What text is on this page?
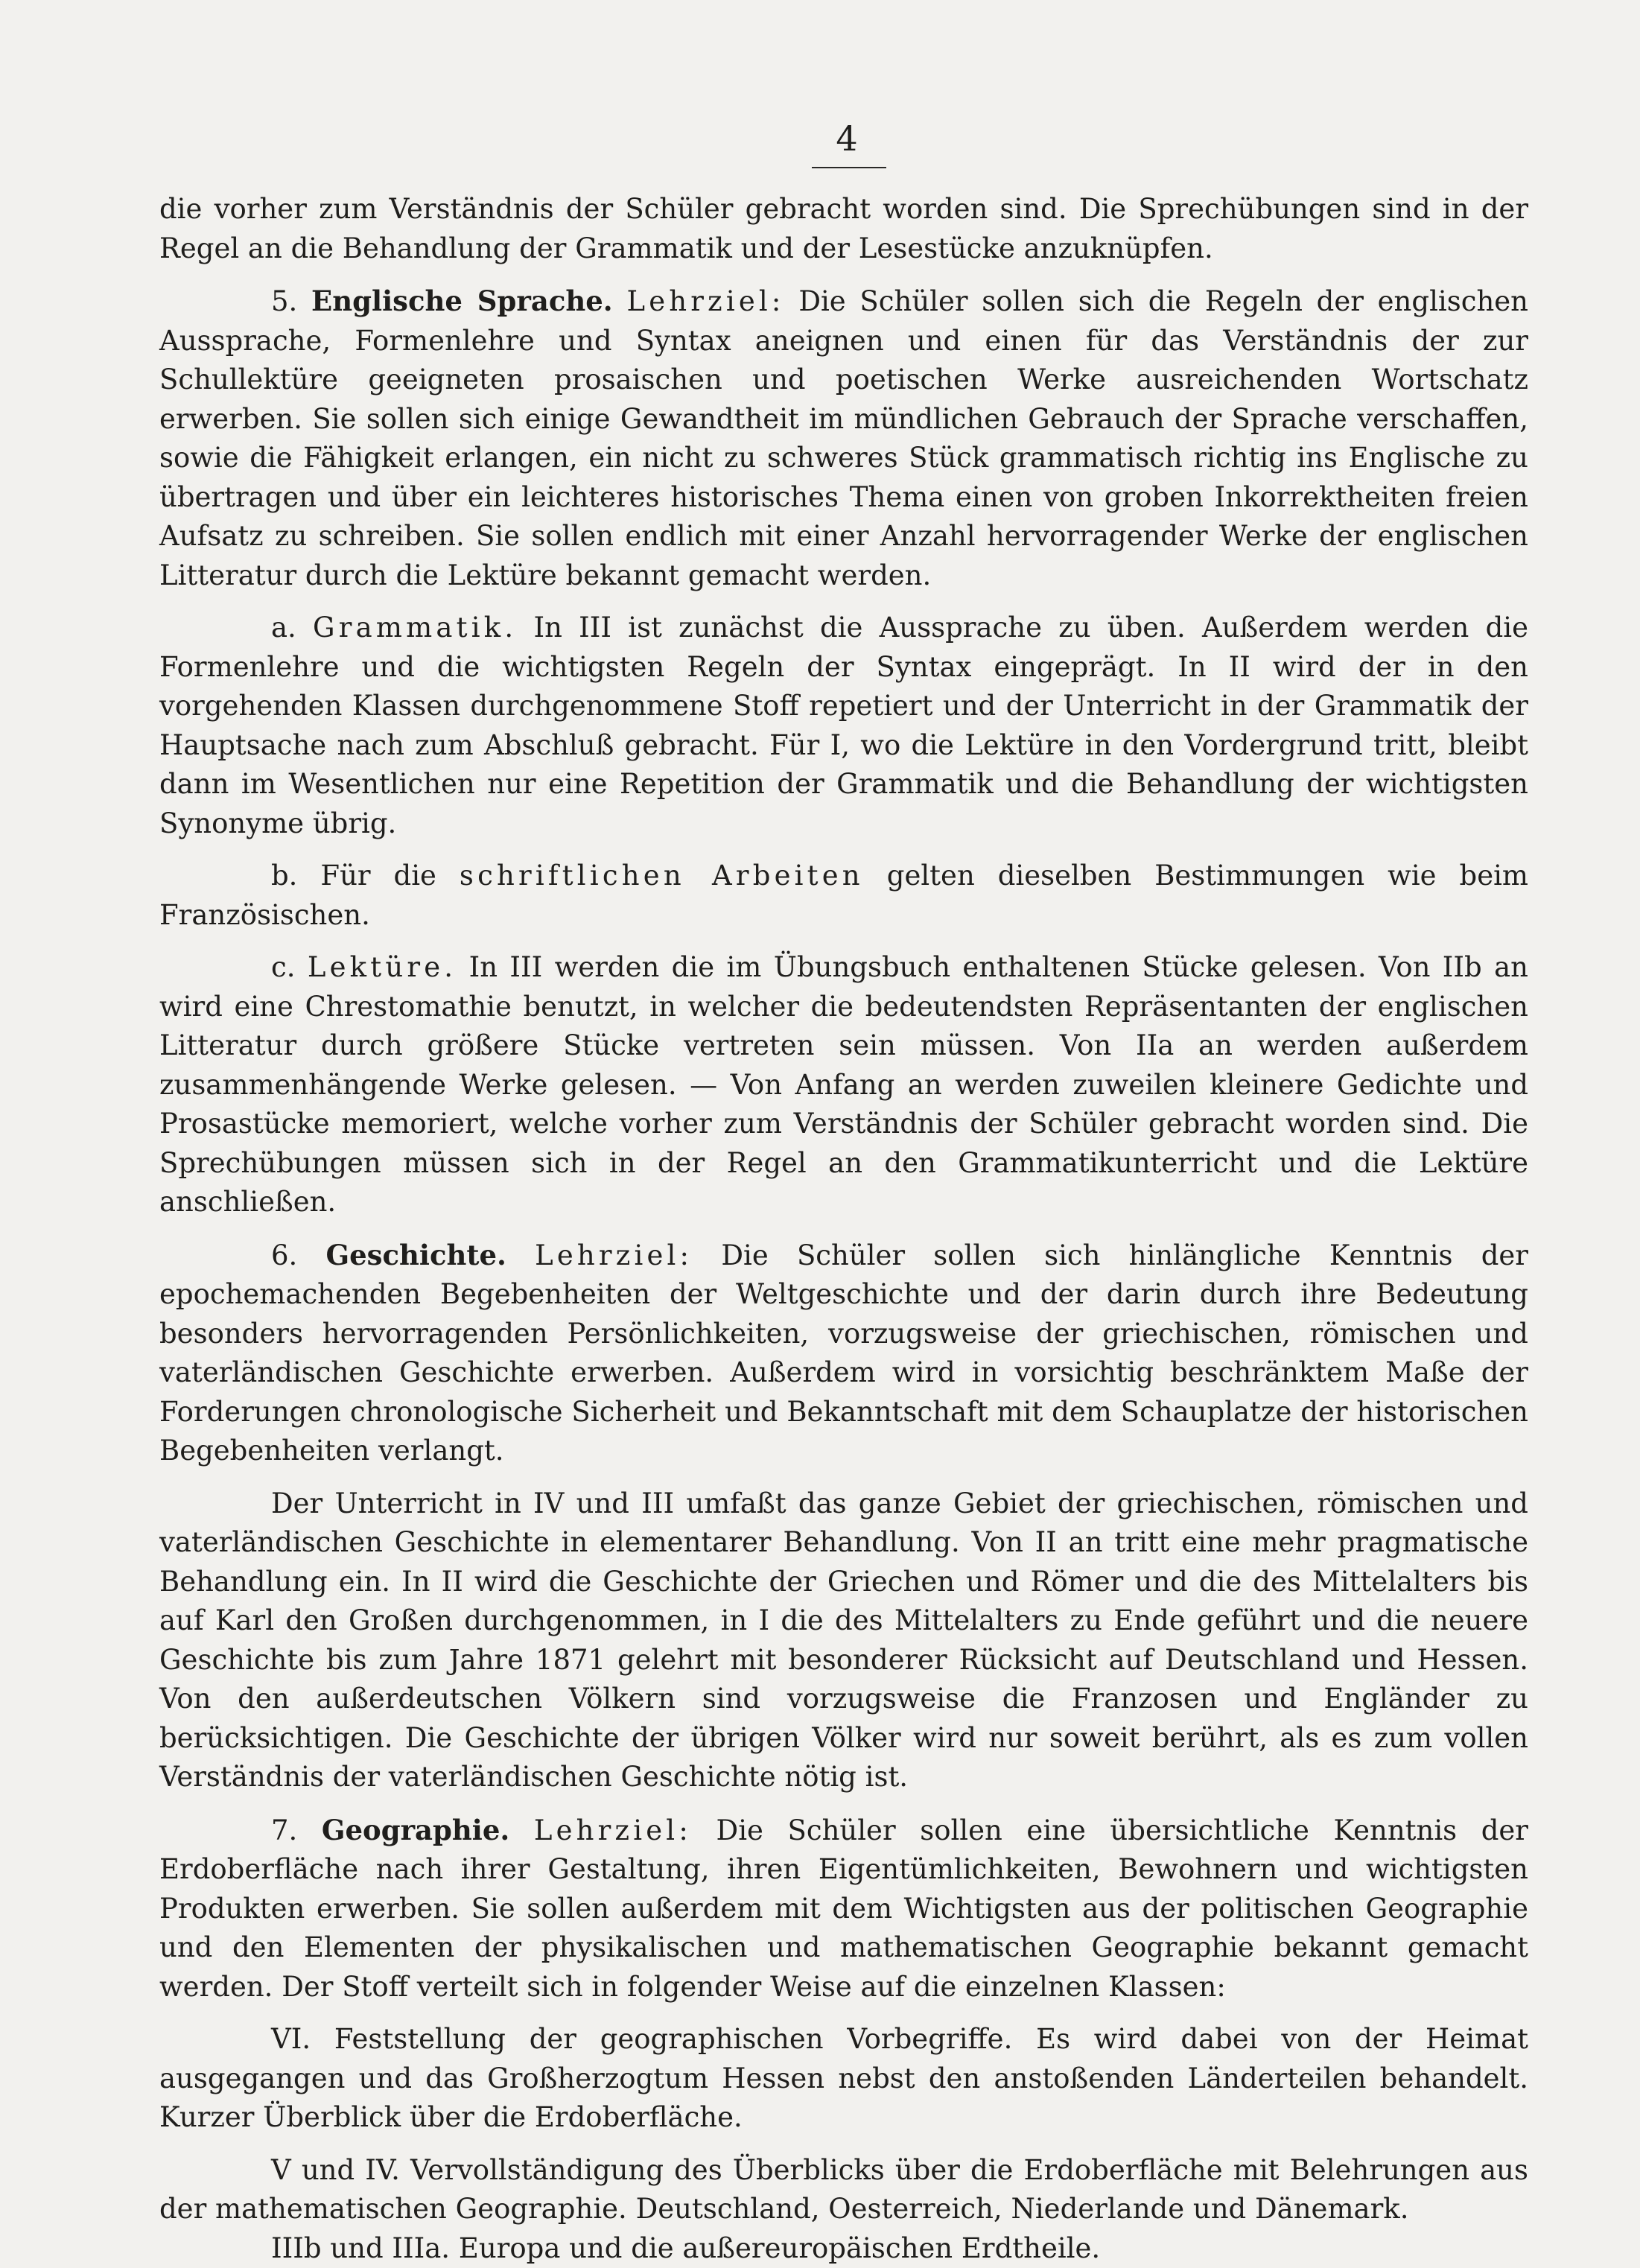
4

die vorher zum Verständnis der Schüler gebracht worden sind. Die Sprechübungen sind in der Regel an die Behandlung der Grammatik und der Lesestücke anzuknüpfen.

5. Englische Sprache. Lehrziel: Die Schüler sollen sich die Regeln der englischen Aussprache, Formenlehre und Syntax aneignen und einen für das Verständnis der zur Schullektüre geeigneten prosaischen und poetischen Werke ausreichenden Wortschatz erwerben. Sie sollen sich einige Gewandtheit im mündlichen Gebrauch der Sprache verschaffen, sowie die Fähigkeit erlangen, ein nicht zu schweres Stück grammatisch richtig ins Englische zu übertragen und über ein leichteres historisches Thema einen von groben Inkorrektheiten freien Aufsatz zu schreiben. Sie sollen endlich mit einer Anzahl hervorragender Werke der englischen Litteratur durch die Lektüre bekannt gemacht werden.

a. Grammatik. In III ist zunächst die Aussprache zu üben. Außerdem werden die Formenlehre und die wichtigsten Regeln der Syntax eingeprägt. In II wird der in den vorgehenden Klassen durchgenommene Stoff repetiert und der Unterricht in der Grammatik der Hauptsache nach zum Abschluß gebracht. Für I, wo die Lektüre in den Vordergrund tritt, bleibt dann im Wesentlichen nur eine Repetition der Grammatik und die Behandlung der wichtigsten Synonyme übrig.

b. Für die schriftlichen Arbeiten gelten dieselben Bestimmungen wie beim Französischen.

c. Lektüre. In III werden die im Übungsbuch enthaltenen Stücke gelesen. Von IIb an wird eine Chrestomathie benutzt, in welcher die bedeutendsten Repräsentanten der englischen Litteratur durch größere Stücke vertreten sein müssen. Von IIa an werden außerdem zusammenhängende Werke gelesen. — Von Anfang an werden zuweilen kleinere Gedichte und Prosastücke memoriert, welche vorher zum Verständnis der Schüler gebracht worden sind. Die Sprechübungen müssen sich in der Regel an den Grammatikunterricht und die Lektüre anschließen.

6. Geschichte. Lehrziel: Die Schüler sollen sich hinlängliche Kenntnis der epochemachenden Begebenheiten der Weltgeschichte und der darin durch ihre Bedeutung besonders hervorragenden Persönlichkeiten, vorzugsweise der griechischen, römischen und vaterländischen Geschichte erwerben. Außerdem wird in vorsichtig beschränktem Maße der Forderungen chronologische Sicherheit und Bekanntschaft mit dem Schauplatze der historischen Begebenheiten verlangt.

Der Unterricht in IV und III umfaßt das ganze Gebiet der griechischen, römischen und vaterländischen Geschichte in elementarer Behandlung. Von II an tritt eine mehr pragmatische Behandlung ein. In II wird die Geschichte der Griechen und Römer und die des Mittelalters bis auf Karl den Großen durchgenommen, in I die des Mittelalters zu Ende geführt und die neuere Geschichte bis zum Jahre 1871 gelehrt mit besonderer Rücksicht auf Deutschland und Hessen. Von den außerdeutschen Völkern sind vorzugsweise die Franzosen und Engländer zu berücksichtigen. Die Geschichte der übrigen Völker wird nur soweit berührt, als es zum vollen Verständnis der vaterländischen Geschichte nötig ist.

7. Geographie. Lehrziel: Die Schüler sollen eine übersichtliche Kenntnis der Erdoberfläche nach ihrer Gestaltung, ihren Eigentümlichkeiten, Bewohnern und wichtigsten Produkten erwerben. Sie sollen außerdem mit dem Wichtigsten aus der politischen Geographie und den Elementen der physikalischen und mathematischen Geographie bekannt gemacht werden. Der Stoff verteilt sich in folgender Weise auf die einzelnen Klassen:

VI. Feststellung der geographischen Vorbegriffe. Es wird dabei von der Heimat ausgegangen und das Großherzogtum Hessen nebst den anstoßenden Länderteilen behandelt. Kurzer Überblick über die Erdoberfläche.

V und IV. Vervollständigung des Überblicks über die Erdoberfläche mit Belehrungen aus der mathematischen Geographie. Deutschland, Oesterreich, Niederlande und Dänemark.

IIIb und IIIa. Europa und die außereuropäischen Erdtheile.
